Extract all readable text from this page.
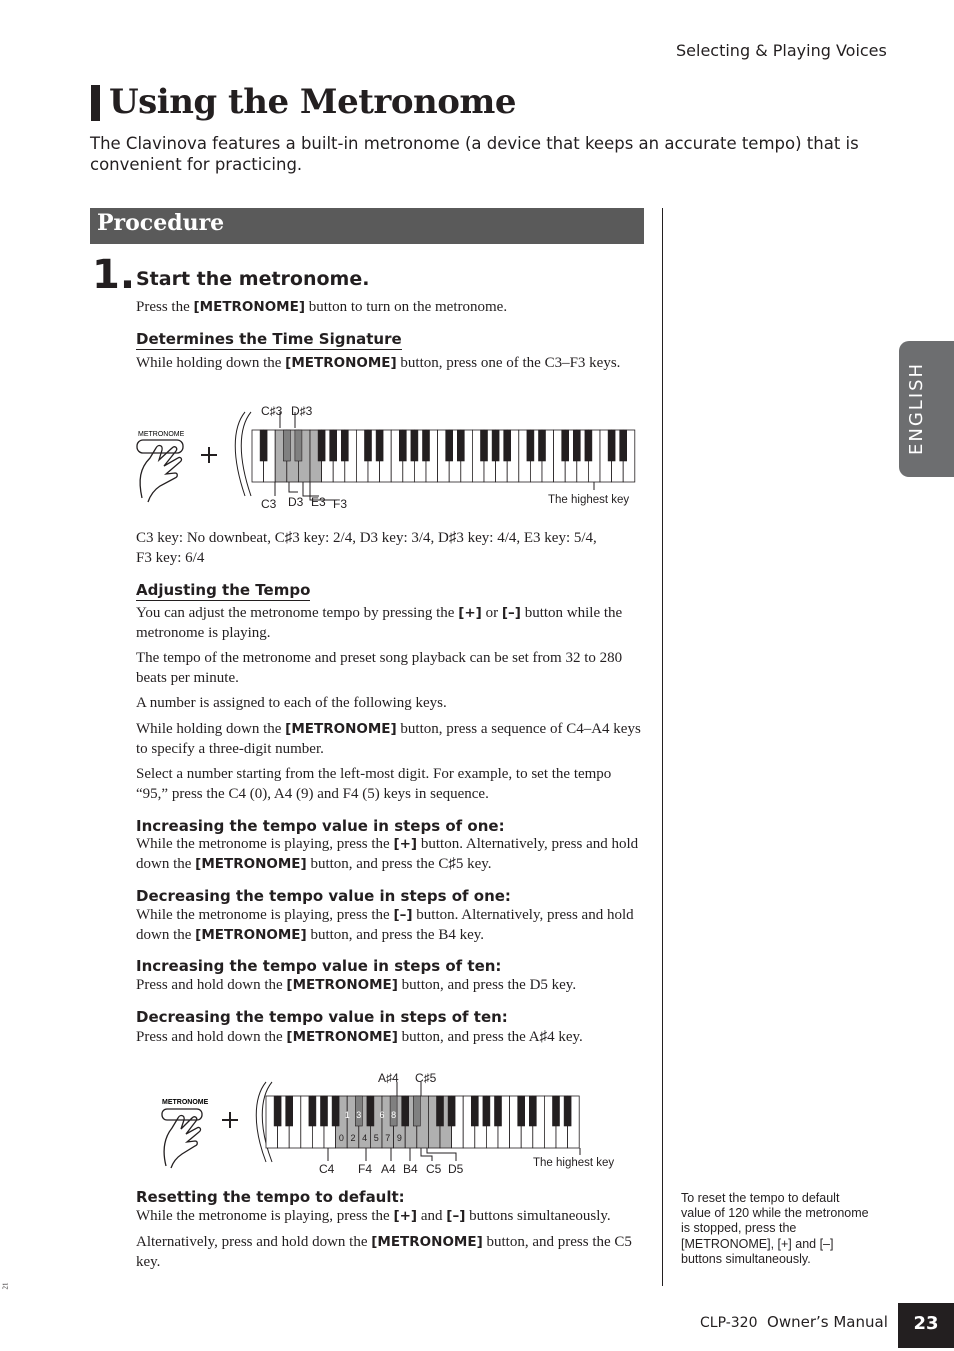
Selecting & Playing Voices
Using the Metronome
The Clavinova features a built-in metronome (a device that keeps an accurate tempo) that is convenient for practicing.
Procedure
1. Start the metronome.
Press the [METRONOME] button to turn on the metronome.
Determines the Time Signature
While holding down the [METRONOME] button, press one of the C3–F3 keys.
METRONOME
C♯3 D♯3
C3 D3 E3 F3	The highest key
C3 key: No downbeat, C♯3 key: 2/4, D3 key: 3/4, D♯3 key: 4/4, E3 key: 5/4,
F3 key: 6/4
Adjusting the Tempo
You can adjust the metronome tempo by pressing the [+] or [–] button while the metronome is playing.
The tempo of the metronome and preset song playback can be set from 32 to 280 beats per minute.
A number is assigned to each of the following keys.
While holding down the [METRONOME] button, press a sequence of C4–A4 keys to specify a three-digit number.
Select a number starting from the left-most digit. For example, to set the tempo “95,” press the C4 (0), A4 (9) and F4 (5) keys in sequence.
Increasing the tempo value in steps of one:
While the metronome is playing, press the [+] button. Alternatively, press and hold down the [METRONOME] button, and press the C♯5 key.
Decreasing the tempo value in steps of one:
While the metronome is playing, press the [–] button. Alternatively, press and hold down the [METRONOME] button, and press the B4 key.
Increasing the tempo value in steps of ten:
Press and hold down the [METRONOME] button, and press the D5 key.
Decreasing the tempo value in steps of ten:
Press and hold down the [METRONOME] button, and press the A♯4 key.
METRONOME
0 2 4 5 7 9
1 3 6 8
A♯4 C♯5
C4 F4 A4 B4 C5 D5	The highest key
Resetting the tempo to default:
While the metronome is playing, press the [+] and [–] buttons simultaneously.
Alternatively, press and hold down the [METRONOME] button, and press the C5 key.
To reset the tempo to default value of 120 while the metronome is stopped, press the [METRONOME], [+] and [–] buttons simultaneously.
ENGLISH
CLP-320 Owner’s Manual	23
21
